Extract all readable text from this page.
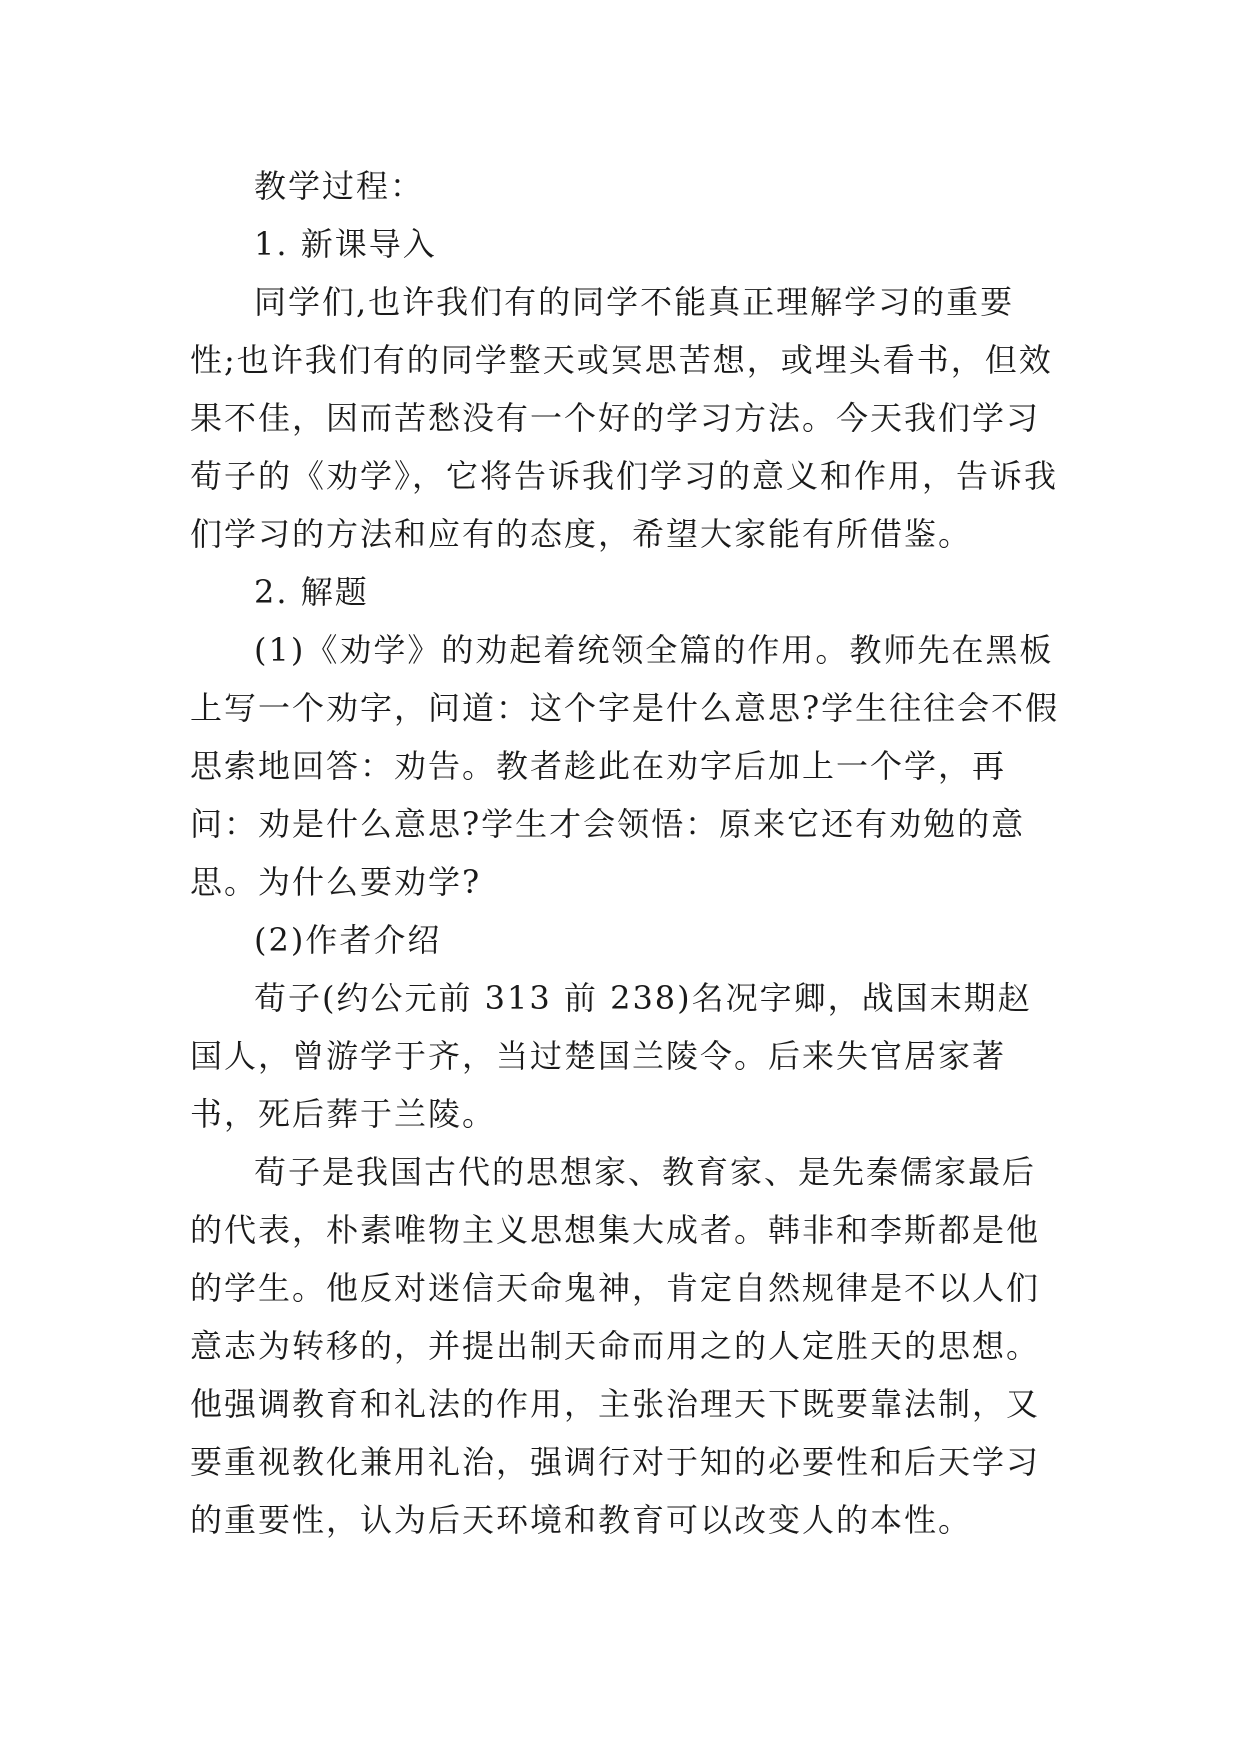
教学过程：

1. 新课导入

同学们,也许我们有的同学不能真正理解学习的重要性;也许我们有的同学整天或冥思苦想，或埋头看书，但效果不佳，因而苦愁没有一个好的学习方法。今天我们学习荀子的《劝学》，它将告诉我们学习的意义和作用，告诉我们学习的方法和应有的态度，希望大家能有所借鉴。

2. 解题

(1)《劝学》的劝起着统领全篇的作用。教师先在黑板上写一个劝字，问道：这个字是什么意思?学生往往会不假思索地回答：劝告。教者趁此在劝字后加上一个学，再问：劝是什么意思?学生才会领悟：原来它还有劝勉的意思。为什么要劝学?

(2)作者介绍

荀子(约公元前 313 前 238)名况字卿，战国末期赵国人，曾游学于齐，当过楚国兰陵令。后来失官居家著书，死后葬于兰陵。

荀子是我国古代的思想家、教育家、是先秦儒家最后的代表，朴素唯物主义思想集大成者。韩非和李斯都是他的学生。他反对迷信天命鬼神，肯定自然规律是不以人们意志为转移的，并提出制天命而用之的人定胜天的思想。他强调教育和礼法的作用，主张治理天下既要靠法制，又要重视教化兼用礼治，强调行对于知的必要性和后天学习的重要性，认为后天环境和教育可以改变人的本性。
